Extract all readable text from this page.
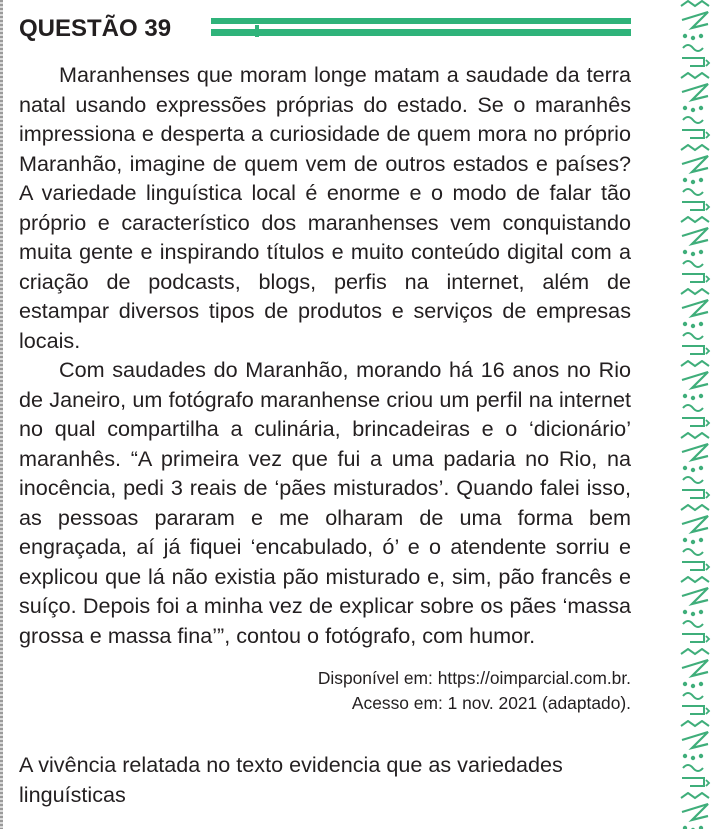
QUESTÃO 39

Maranhenses que moram longe matam a saudade da terra natal usando expressões próprias do estado. Se o maranhês impressiona e desperta a curiosidade de quem mora no próprio Maranhão, imagine de quem vem de outros estados e países? A variedade linguística local é enorme e o modo de falar tão próprio e característico dos maranhenses vem conquistando muita gente e inspirando títulos e muito conteúdo digital com a criação de podcasts, blogs, perfis na internet, além de estampar diversos tipos de produtos e serviços de empresas locais.

Com saudades do Maranhão, morando há 16 anos no Rio de Janeiro, um fotógrafo maranhense criou um perfil na internet no qual compartilha a culinária, brincadeiras e o ‘dicionário’ maranhês. “A primeira vez que fui a uma padaria no Rio, na inocência, pedi 3 reais de ‘pães misturados’. Quando falei isso, as pessoas pararam e me olharam de uma forma bem engraçada, aí já fiquei ‘encabulado, ó’ e o atendente sorriu e explicou que lá não existia pão misturado e, sim, pão francês e suíço. Depois foi a minha vez de explicar sobre os pães ‘massa grossa e massa fina’”, contou o fotógrafo, com humor.

Disponível em: https://oimparcial.com.br.
Acesso em: 1 nov. 2021 (adaptado).
A vivência relatada no texto evidencia que as variedades linguísticas
